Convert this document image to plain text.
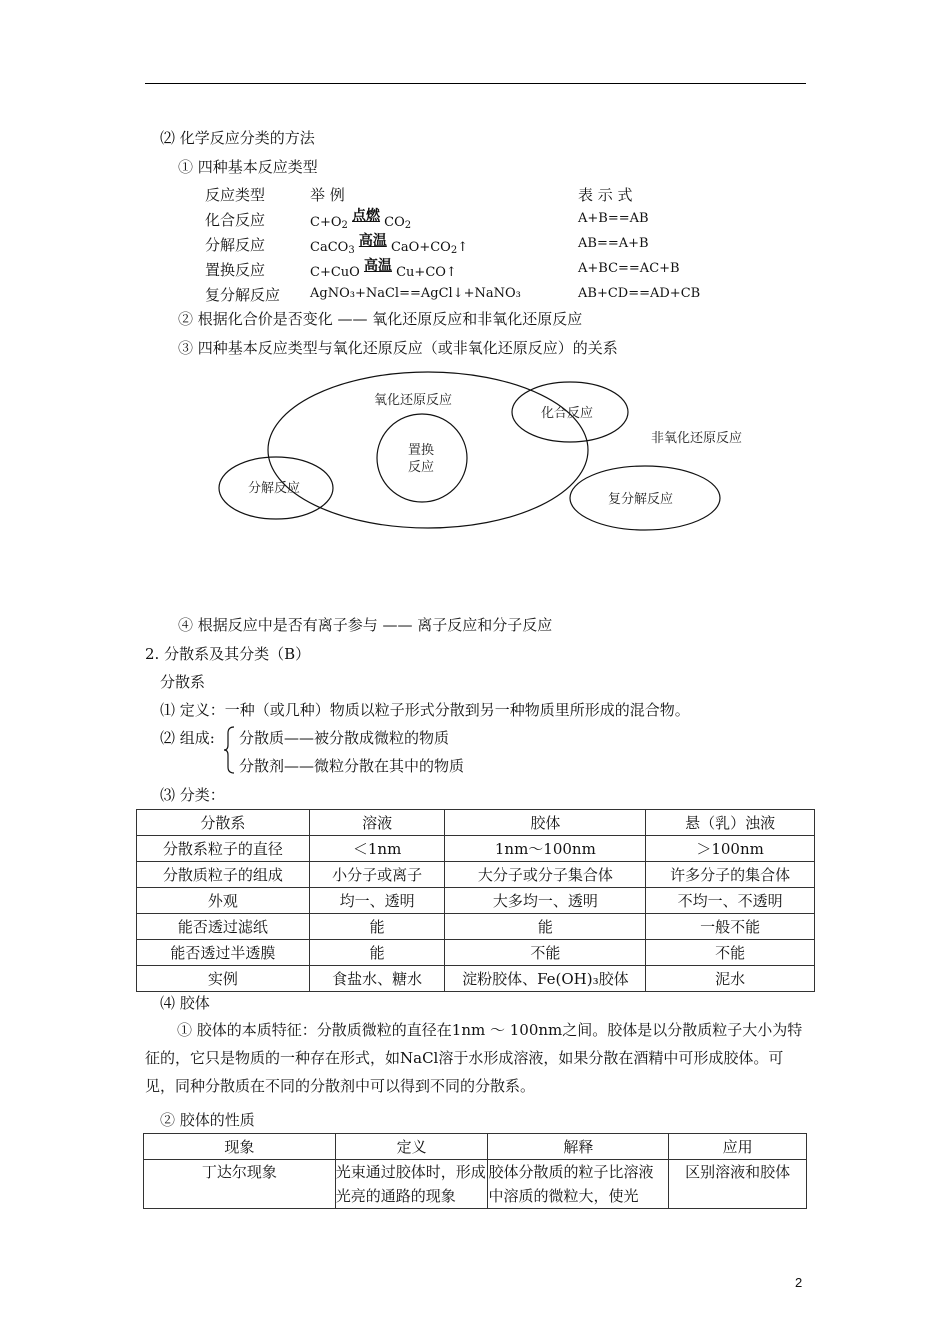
⑵ 化学反应分类的方法
① 四种基本反应类型
反应类型	举 例	表 示 式
化合反应	$C+O_2$ 点燃 $CO_2$	A+B==AB
分解反应	CaCO$_3$ 高温 $CaO+CO_2↑$	AB==A+B
置换反应	C+CuO 高温 Cu+CO↑	A+BC==AC+B
复分解反应 AgNO₃+NaCl==AgCl↓+NaNO₃	AB+CD==AD+CB
② 根据化合价是否变化 —— 氧化还原反应和非氧化还原反应
③ 四种基本反应类型与氧化还原反应（或非氧化还原反应）的关系
氧化还原反应
化合反应
非氧化还原反应
置换
反应
分解反应
复分解反应
④ 根据反应中是否有离子参与 —— 离子反应和分子反应
2. 分散系及其分类（B）
分散系
⑴ 定义：一种（或几种）物质以粒子形式分散到另一种物质里所形成的混合物。
⑵ 组成: 分散质——被分散成微粒的物质
分散剂——微粒分散在其中的物质
⑶ 分类：
分散系	溶液	胶体	悬（乳）浊液
分散系粒子的直径	＜1nm	1nm～100nm	＞100nm
分散质粒子的组成	小分子或离子	大分子或分子集合体	许多分子的集合体
外观	均一、透明	大多均一、透明	不均一、不透明
能否透过滤纸	能	能	一般不能
能否透过半透膜	能	不能	不能
实例	食盐水、糖水	淀粉胶体、Fe(OH)₃胶体	泥水
⑷ 胶体
① 胶体的本质特征：分散质微粒的直径在1nm ～ 100nm之间。胶体是以分散质粒子大小为特征的，它只是物质的一种存在形式，如NaCl溶于水形成溶液，如果分散在酒精中可形成胶体。可见，同种分散质在不同的分散剂中可以得到不同的分散系。
② 胶体的性质
现象	定义	解释	应用
丁达尔现象	光束通过胶体时，形成光亮的通路的现象	胶体分散质的粒子比溶液中溶质的微粒大，使光	区别溶液和胶体
2
